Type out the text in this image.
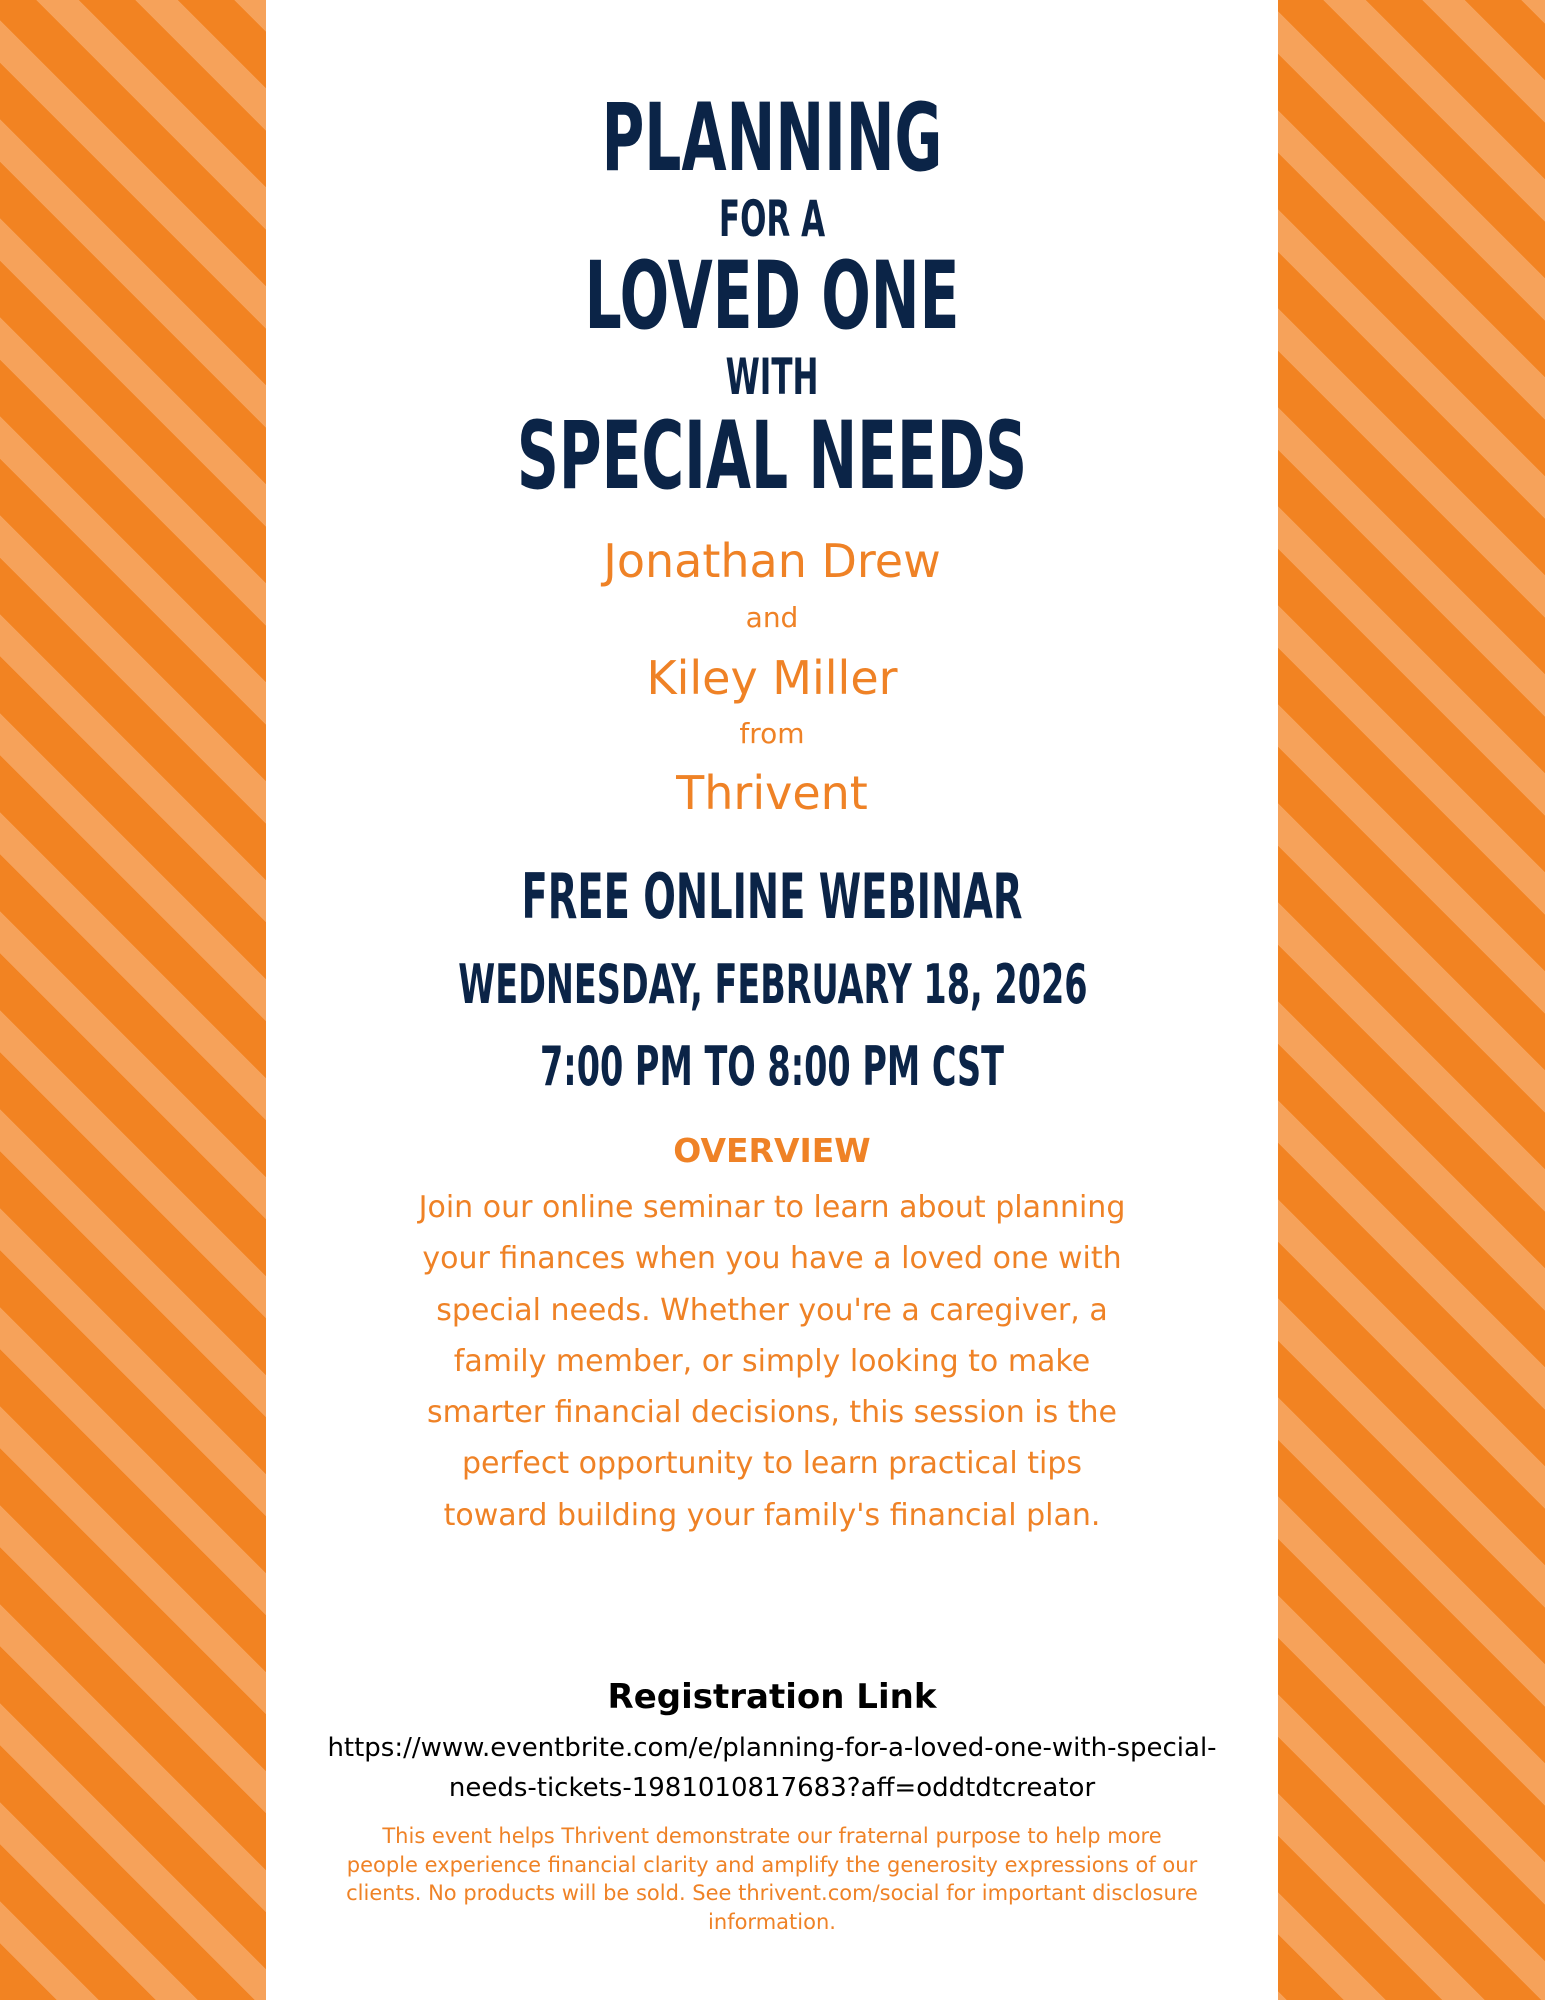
PLANNING
FOR A
LOVED ONE
WITH
SPECIAL NEEDS
Jonathan Drew
and
Kiley Miller
from
Thrivent
FREE ONLINE WEBINAR
WEDNESDAY, FEBRUARY 18, 2026
7:00 PM TO 8:00 PM CST
OVERVIEW

Join our online seminar to learn about planning your finances when you have a loved one with special needs. Whether you're a caregiver, a family member, or simply looking to make smarter financial decisions, this session is the perfect opportunity to learn practical tips toward building your family's financial plan.

Registration Link
https://www.eventbrite.com/e/planning-for-a-loved-one-with-special-
needs-tickets-1981010817683?aff=oddtdtcreator

This event helps Thrivent demonstrate our fraternal purpose to help more people experience financial clarity and amplify the generosity expressions of our clients. No products will be sold. See thrivent.com/social for important disclosure information.
